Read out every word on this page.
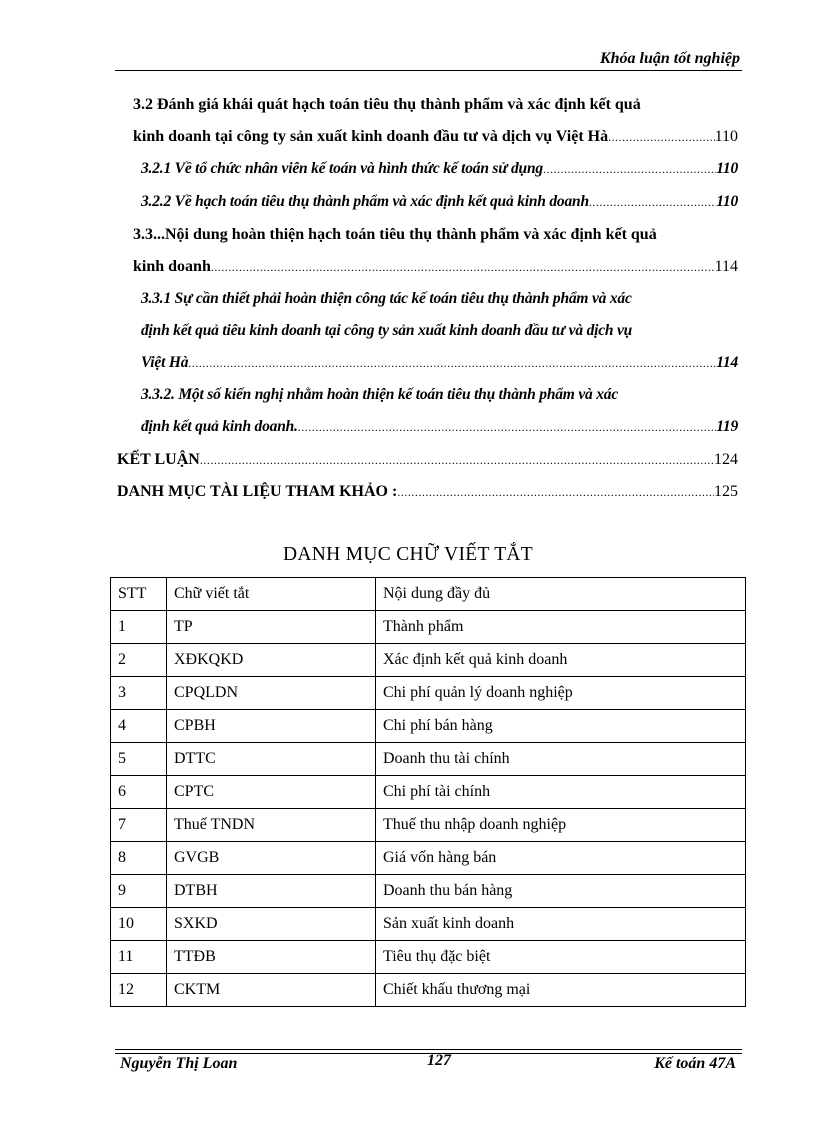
Khóa luận tốt nghiệp

3.2 Đánh giá khái quát hạch toán tiêu thụ thành phẩm và xác định kết quả
kinh doanh tại công ty sản xuất kinh doanh đầu tư và dịch vụ Việt Hà .....	110
3.2.1 Về tổ chức nhân viên kế toán và hình thức kế toán sử dụng .....	110
3.2.2 Về hạch toán tiêu thụ thành phẩm và xác định kết quả kinh doanh .....	110
3.3...Nội dung hoàn thiện hạch toán tiêu thụ thành phẩm và xác định kết quả
kinh doanh .....	114
3.3.1 Sự cần thiết phải hoàn thiện công tác kế toán tiêu thụ thành phẩm và xác
định kết quả tiêu kinh doanh tại công ty sản xuất kinh doanh đầu tư và dịch vụ
Việt Hà .....	114
3.3.2. Một số kiến nghị nhằm hoàn thiện kế toán tiêu thụ thành phẩm và xác
định kết quả kinh doanh. .....	119
KẾT LUẬN .....	124
DANH MỤC TÀI LIỆU THAM KHẢO : .....	125
DANH MỤC CHỮ VIẾT TẮT
STT	Chữ viết tắt	Nội dung đầy đủ
1	TP	Thành phẩm
2	XĐKQKD	Xác định kết quả kinh doanh
3	CPQLDN	Chi phí quản lý doanh nghiệp
4	CPBH	Chi phí bán hàng
5	DTTC	Doanh thu tài chính
6	CPTC	Chi phí tài chính
7	Thuế TNDN	Thuế thu nhập doanh nghiệp
8	GVGB	Giá vốn hàng bán
9	DTBH	Doanh thu bán hàng
10	SXKD	Sản xuất kinh doanh
11	TTĐB	Tiêu thụ đặc biệt
12	CKTM	Chiết khấu thương mại
Nguyễn Thị Loan	127	Kế toán 47A
